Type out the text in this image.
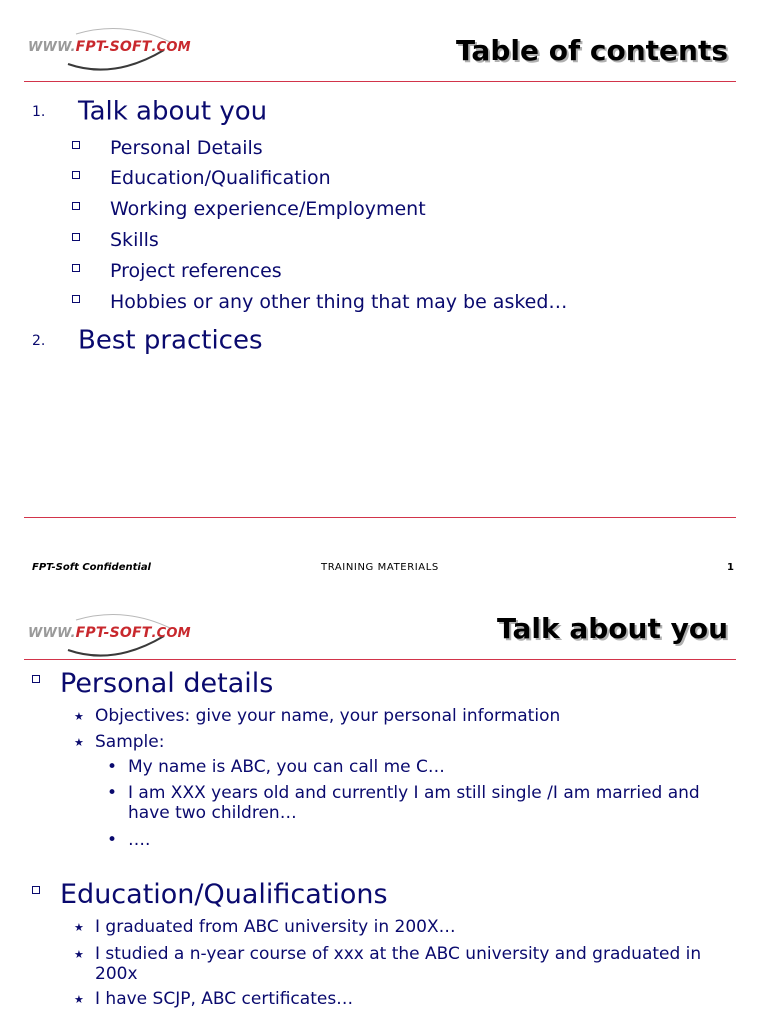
WWW.FPT-SOFT.COM	Table of contents
1. Talk about you
Personal Details
Education/Qualification
Working experience/Employment
Skills
Project references
Hobbies or any other thing that may be asked…
2. Best practices
FPT-Soft Confidential	TRAINING MATERIALS	1
WWW.FPT-SOFT.COM	Talk about you
Personal details
★ Objectives: give your name, your personal information
★ Sample:
• My name is ABC, you can call me C…
• I am XXX years old and currently I am still single /I am married and have two children…
• ….
Education/Qualifications
★ I graduated from ABC university in 200X…
★ I studied a n-year course of xxx at the ABC university and graduated in 200x
★ I have SCJP, ABC certificates…
